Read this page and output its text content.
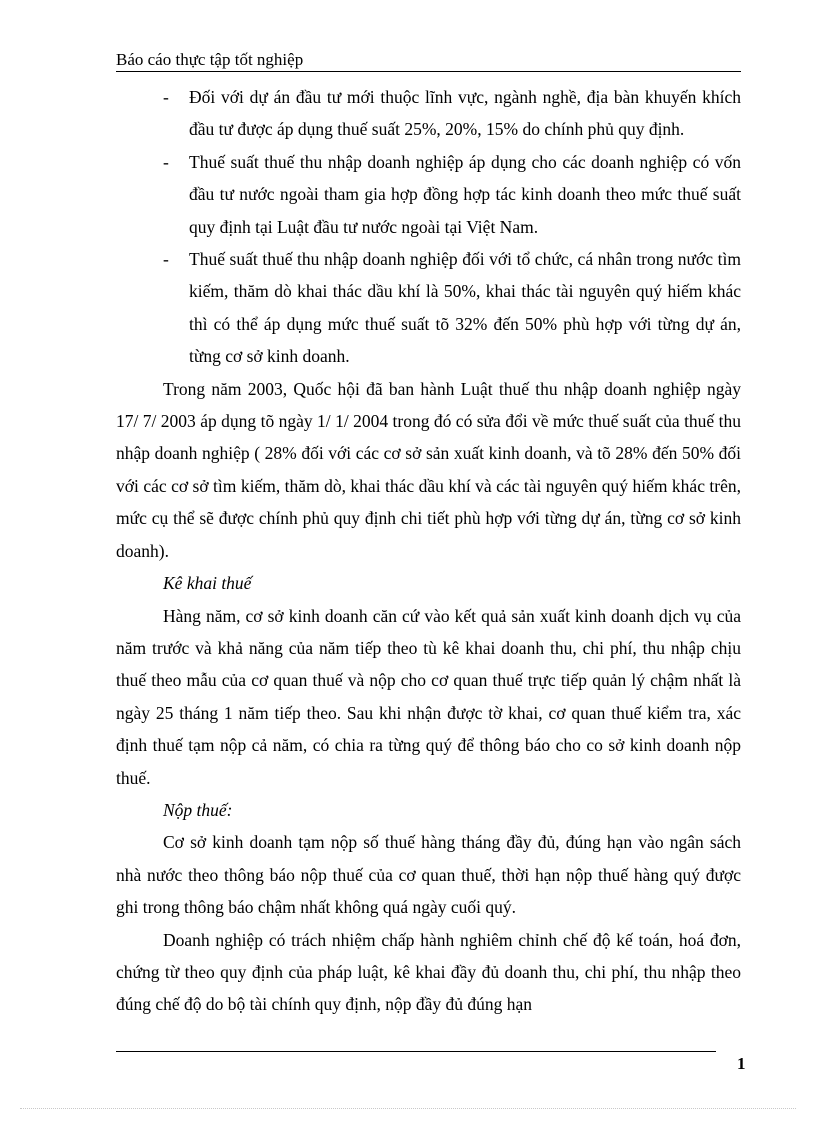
Báo cáo thực tập tốt nghiệp

- Đối với dự án đầu tư mới thuộc lĩnh vực, ngành nghề, địa bàn khuyến khích đầu tư được áp dụng thuế suất 25%, 20%, 15% do chính phủ quy định.

- Thuế suất thuế thu nhập doanh nghiệp áp dụng cho các doanh nghiệp có vốn đầu tư nước ngoài tham gia hợp đồng hợp tác kinh doanh theo mức thuế suất quy định tại Luật đầu tư nước ngoài tại Việt Nam.

- Thuế suất thuế thu nhập doanh nghiệp đối với tổ chức, cá nhân trong nước tìm kiếm, thăm dò khai thác dầu khí là 50%, khai thác tài nguyên quý hiếm khác thì có thể áp dụng mức thuế suất tõ 32% đến 50% phù hợp với từng dự án, từng cơ sở kinh doanh.

Trong năm 2003, Quốc hội đã ban hành Luật thuế thu nhập doanh nghiệp ngày 17/ 7/ 2003 áp dụng tõ ngày 1/ 1/ 2004 trong đó có sửa đổi về mức thuế suất của thuế thu nhập doanh nghiệp ( 28% đối với các cơ sở sản xuất kinh doanh, và tõ 28% đến 50% đối với các cơ sở tìm kiếm, thăm dò, khai thác dầu khí và các tài nguyên quý hiếm khác trên, mức cụ thể sẽ được chính phủ quy định chi tiết phù hợp với từng dự án, từng cơ sở kinh doanh).

Kê khai thuế

Hàng năm, cơ sở kinh doanh căn cứ vào kết quả sản xuất kinh doanh dịch vụ của năm trước và khả năng của năm tiếp theo tù kê khai doanh thu, chi phí, thu nhập chịu thuế theo mẫu của cơ quan thuế và nộp cho cơ quan thuế trực tiếp quản lý chậm nhất là ngày 25 tháng 1 năm tiếp theo. Sau khi nhận được tờ khai, cơ quan thuế kiểm tra, xác định thuế tạm nộp cả năm, có chia ra từng quý để thông báo cho co sở kinh doanh nộp thuế.

Nộp thuế:

Cơ sở kinh doanh tạm nộp số thuế hàng tháng đầy đủ, đúng hạn vào ngân sách nhà nước theo thông báo nộp thuế của cơ quan thuế, thời hạn nộp thuế hàng quý được ghi trong thông báo chậm nhất không quá ngày cuối quý.

Doanh nghiệp có trách nhiệm chấp hành nghiêm chỉnh chế độ kế toán, hoá đơn, chứng từ theo quy định của pháp luật, kê khai đầy đủ doanh thu, chi phí, thu nhập theo đúng chế độ do bộ tài chính quy định, nộp đầy đủ đúng hạn

1
